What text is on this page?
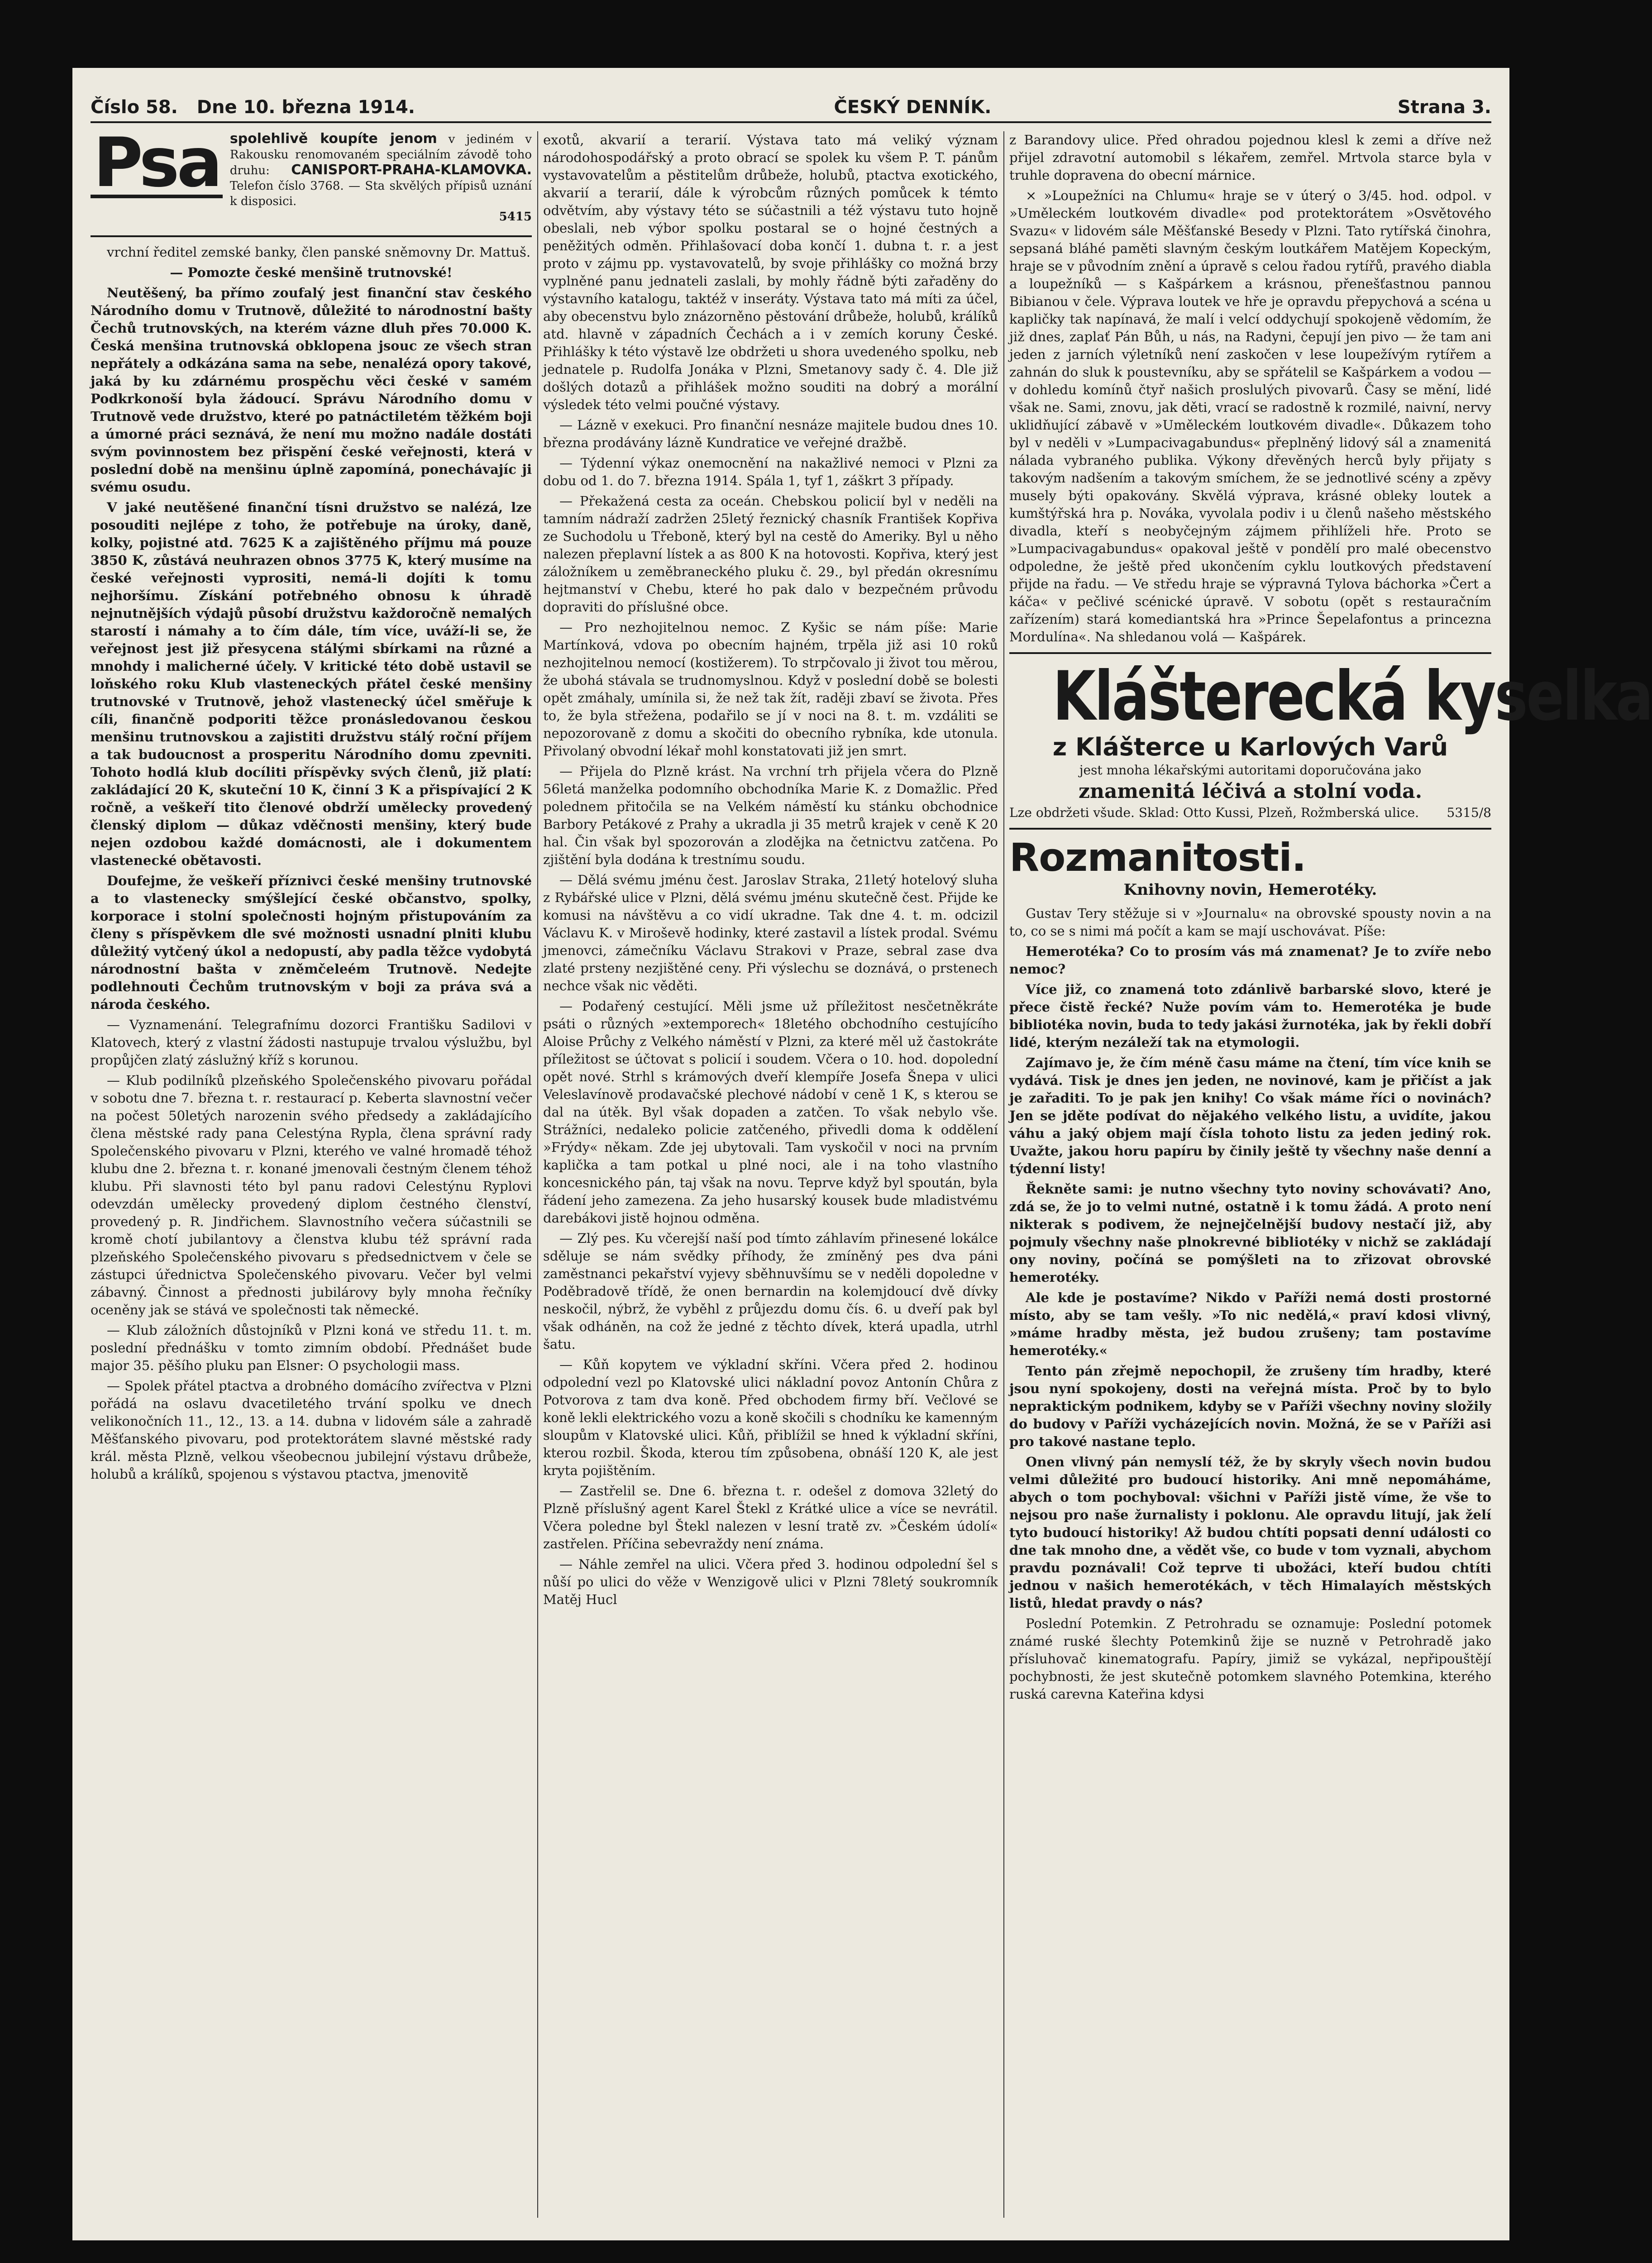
Číslo 58. Dne 10. března 1914.	ČESKÝ DENNÍK.	Strana 3.
Psa spolehlivě koupíte jenom v jediném v Rakousku renomovaném speciálním závodě toho druhu: CANISPORT-PRAHA-KLAMOVKA. Telefon číslo 3768. — Sta skvělých přípisů uznání k disposici.
5415

vrchní ředitel zemské banky, člen panské sněmovny Dr. Mattuš.

— Pomozte české menšině trutnovské!

Neutěšený, ba přímo zoufalý jest finanční stav českého Národního domu v Trutnově, důležité to národnostní bašty Čechů trutnovských, na kterém vázne dluh přes 70.000 K. Česká menšina trutnovská obklopena jsouc ze všech stran nepřátely a odkázána sama na sebe, nenalézá opory takové, jaká by ku zdárnému prospěchu věci české v samém Podkrkonoší byla žádoucí. Správu Národního domu v Trutnově vede družstvo, které po patnáctiletém těžkém boji a úmorné práci seznává, že není mu možno nadále dostáti svým povinnostem bez přispění české veřejnosti, která v poslední době na menšinu úplně zapomíná, ponechávajíc ji svému osudu.

V jaké neutěšené finanční tísni družstvo se nalézá, lze posouditi nejlépe z toho, že potřebuje na úroky, daně, kolky, pojistné atd. 7625 K a zajištěného příjmu má pouze 3850 K, zůstává neuhrazen obnos 3775 K, který musíme na české veřejnosti vyprositi, nemá-li dojíti k tomu nejhoršímu. Získání potřebného obnosu k úhradě nejnutnějších výdajů působí družstvu každoročně nemalých starostí i námahy a to čím dále, tím více, uváží-li se, že veřejnost jest již přesycena stálými sbírkami na různé a mnohdy i malicherné účely. V kritické této době ustavil se loňského roku Klub vlasteneckých přátel české menšiny trutnovské v Trutnově, jehož vlastenecký účel směřuje k cíli, finančně podporiti těžce pronásledovanou českou menšinu trutnovskou a zajistiti družstvu stálý roční příjem a tak budoucnost a prosperitu Národního domu zpevniti. Tohoto hodlá klub docíliti příspěvky svých členů, již platí: zakládající 20 K, skuteční 10 K, činní 3 K a přispívající 2 K ročně, a veškeří tito členové obdrží umělecky provedený členský diplom — důkaz vděčnosti menšiny, který bude nejen ozdobou každé domácnosti, ale i dokumentem vlastenecké obětavosti.

Doufejme, že veškeří příznivci české menšiny trutnovské a to vlastenecky smýšlející české občanstvo, spolky, korporace i stolní společnosti hojným přistupováním za členy s příspěvkem dle své možnosti usnadní plniti klubu důležitý vytčený úkol a nedopustí, aby padla těžce vydobytá národnostní bašta v zněmčeleém Trutnově. Nedejte podlehnouti Čechům trutnovským v boji za práva svá a národa českého.

— Vyznamenání. Telegrafnímu dozorci Františku Sadilovi v Klatovech, který z vlastní žádosti nastupuje trvalou výslužbu, byl propůjčen zlatý záslužný kříž s korunou.

— Klub podilníků plzeňského Společenského pivovaru pořádal v sobotu dne 7. března t. r. restaurací p. Keberta slavnostní večer na počest 50letých narozenin svého předsedy a zakládajícího člena městské rady pana Celestýna Rypla, člena správní rady Společenského pivovaru v Plzni, kterého ve valné hromadě téhož klubu dne 2. března t. r. konané jmenovali čestným členem téhož klubu. Při slavnosti této byl panu radovi Celestýnu Ryplovi odevzdán umělecky provedený diplom čestného členství, provedený p. R. Jindřichem. Slavnostního večera súčastnili se kromě chotí jubilantovy a členstva klubu též správní rada plzeňského Společenského pivovaru s předsednictvem v čele se zástupci úřednictva Společenského pivovaru. Večer byl velmi zábavný. Činnost a přednosti jubilárovy byly mnoha řečníky oceněny jak se stává ve společnosti tak německé.

— Klub záložních důstojníků v Plzni koná ve středu 11. t. m. poslední přednášku v tomto zimním období. Přednášet bude major 35. pěšího pluku pan Elsner: O psychologii mass.

— Spolek přátel ptactva a drobného domácího zvířectva v Plzni pořádá na oslavu dvacetiletého trvání spolku ve dnech velikonočních 11., 12., 13. a 14. dubna v lidovém sále a zahradě Měšťanského pivovaru, pod protektorátem slavné městské rady král. města Plzně, velkou všeobecnou jubilejní výstavu drůbeže, holubů a králíků, spojenou s výstavou ptactva, jmenovitě

exotů, akvarií a terarií. Výstava tato má veliký význam národohospodářský a proto obrací se spolek ku všem P. T. pánům vystavovatelům a pěstitelům drůbeže, holubů, ptactva exotického, akvarií a terarií, dále k výrobcům různých pomůcek k témto odvětvím, aby výstavy této se súčastnili a též výstavu tuto hojně obeslali, neb výbor spolku postaral se o hojné čestných a peněžitých odměn. Přihlašovací doba končí 1. dubna t. r. a jest proto v zájmu pp. vystavovatelů, by svoje přihlášky co možná brzy vyplněné panu jednateli zaslali, by mohly řádně býti zařaděny do výstavního katalogu, taktéž v inseráty. Výstava tato má míti za účel, aby obecenstvu bylo znázorněno pěstování drůbeže, holubů, králíků atd. hlavně v západních Čechách a i v zemích koruny České. Přihlášky k této výstavě lze obdržeti u shora uvedeného spolku, neb jednatele p. Rudolfa Jonáka v Plzni, Smetanovy sady č. 4. Dle již došlých dotazů a přihlášek možno souditi na dobrý a morální výsledek této velmi poučné výstavy.

— Lázně v exekuci. Pro finanční nesnáze majitele budou dnes 10. března prodávány lázně Kundratice ve veřejné dražbě.

— Týdenní výkaz onemocnění na nakažlivé nemoci v Plzni za dobu od 1. do 7. března 1914. Spála 1, tyf 1, záškrt 3 případy.

— Překažená cesta za oceán. Chebskou policií byl v neděli na tamním nádraží zadržen 25letý řeznický chasník František Kopřiva ze Suchodolu u Třeboně, který byl na cestě do Ameriky. Byl u něho nalezen přeplavní lístek a as 800 K na hotovosti. Kopřiva, který jest záložníkem u zeměbraneckého pluku č. 29., byl předán okresnímu hejtmanství v Chebu, které ho pak dalo v bezpečném průvodu dopraviti do příslušné obce.

— Pro nezhojitelnou nemoc. Z Kyšic se nám píše: Marie Martínková, vdova po obecním hajném, trpěla již asi 10 roků nezhojitelnou nemocí (kostižerem). To strpčovalo ji život tou měrou, že ubohá stávala se trudnomyslnou. Když v poslední době se bolesti opět zmáhaly, umínila si, že než tak žít, raději zbaví se života. Přes to, že byla střežena, podařilo se jí v noci na 8. t. m. vzdáliti se nepozorovaně z domu a skočiti do obecního rybníka, kde utonula. Přivolaný obvodní lékař mohl konstatovati již jen smrt.

— Přijela do Plzně krást. Na vrchní trh přijela včera do Plzně 56letá manželka podomního obchodníka Marie K. z Domažlic. Před polednem přitočila se na Velkém náměstí ku stánku obchodnice Barbory Petákové z Prahy a ukradla ji 35 metrů krajek v ceně K 20 hal. Čin však byl spozorován a zlodějka na četnictvu zatčena. Po zjištění byla dodána k trestnímu soudu.

— Dělá svému jménu čest. Jaroslav Straka, 21letý hotelový sluha z Rybářské ulice v Plzni, dělá svému jménu skutečně čest. Přijde ke komusi na návštěvu a co vidí ukradne. Tak dne 4. t. m. odcizil Václavu K. v Miroševě hodinky, které zastavil a lístek prodal. Svému jmenovci, zámečníku Václavu Strakovi v Praze, sebral zase dva zlaté prsteny nezjištěné ceny. Při výslechu se doznává, o prstenech nechce však nic věděti.

— Podařený cestující. Měli jsme už příležitost nesčetněkráte psáti o různých »extemporech« 18letého obchodního cestujícího Aloise Průchy z Velkého náměstí v Plzni, za které měl už častokráte příležitost se účtovat s policií i soudem. Včera o 10. hod. dopolední opět nové. Strhl s krámových dveří klempíře Josefa Šnepa v ulici Veleslavínově prodavačské plechové nádobí v ceně 1 K, s kterou se dal na útěk. Byl však dopaden a zatčen. To však nebylo vše. Strážníci, nedaleko policie zatčeného, přivedli doma k oddělení »Frýdy« někam. Zde jej ubytovali. Tam vyskočil v noci na prvním kaplička a tam potkal u plné noci, ale i na toho vlastního koncesnického pán, taj však na novu. Teprve když byl spoután, byla řádení jeho zamezena. Za jeho husarský kousek bude mladistvému darebákovi jistě hojnou odměna.

— Zlý pes. Ku včerejší naší pod tímto záhlavím přinesené lokálce sděluje se nám svědky příhody, že zmíněný pes dva páni zaměstnanci pekařství vyjevy sběhnuvšímu se v neděli dopoledne v Poděbradově třídě, že onen bernardin na kolemjdoucí dvě dívky neskočil, nýbrž, že vyběhl z průjezdu domu čís. 6. u dveří pak byl však odháněn, na což že jedné z těchto dívek, která upadla, utrhl šatu.

— Kůň kopytem ve výkladní skříni. Včera před 2. hodinou odpolední vezl po Klatovské ulici nákladní povoz Antonín Chůra z Potvorova z tam dva koně. Před obchodem firmy bří. Večlové se koně lekli elektrického vozu a koně skočili s chodníku ke kamenným sloupům v Klatovské ulici. Kůň, přiblížil se hned k výkladní skříni, kterou rozbil. Škoda, kterou tím způsobena, obnáší 120 K, ale jest kryta pojištěním.

— Zastřelil se. Dne 6. března t. r. odešel z domova 32letý do Plzně příslušný agent Karel Štekl z Krátké ulice a více se nevrátil. Včera poledne byl Štekl nalezen v lesní tratě zv. »Českém údolí« zastřelen. Příčina sebevraždy není známa.

— Náhle zemřel na ulici. Včera před 3. hodinou odpolední šel s nůší po ulici do věže v Wenzigově ulici v Plzni 78letý soukromník Matěj Hucl

z Barandovy ulice. Před ohradou pojednou klesl k zemi a dříve než přijel zdravotní automobil s lékařem, zemřel. Mrtvola starce byla v truhle dopravena do obecní márnice.

× »Loupežníci na Chlumu« hraje se v úterý o 3/45. hod. odpol. v »Uměleckém loutkovém divadle« pod protektorátem »Osvětového Svazu« v lidovém sále Měšťanské Besedy v Plzni. Tato rytířská činohra, sepsaná bláhé paměti slavným českým loutkářem Matějem Kopeckým, hraje se v původním znění a úpravě s celou řadou rytířů, pravého diabla a loupežníků — s Kašpárkem a krásnou, přenešťastnou pannou Bibianou v čele. Výprava loutek ve hře je opravdu přepychová a scéna u kapličky tak napínavá, že malí i velcí oddychují spokojeně vědomím, že již dnes, zaplať Pán Bůh, u nás, na Radyni, čepují jen pivo — že tam ani jeden z jarních výletníků není zaskočen v lese loupežívým rytířem a zahnán do sluk k poustevníku, aby se spřátelil se Kašpárkem a vodou — v dohledu komínů čtyř našich proslulých pivovarů. Časy se mění, lidé však ne. Sami, znovu, jak děti, vrací se radostně k rozmilé, naivní, nervy uklidňující zábavě v »Uměleckém loutkovém divadle«. Důkazem toho byl v neděli v »Lumpacivagabundus« přeplněný lidový sál a znamenitá nálada vybraného publika. Výkony dřevěných herců byly přijaty s takovým nadšením a takovým smíchem, že se jednotlivé scény a zpěvy musely býti opakovány. Skvělá výprava, krásné oblekу loutek a kumštýřská hra p. Nováka, vyvolala podiv i u členů našeho městského divadla, kteří s neobyčejným zájmem přihlíželi hře. Proto se »Lumpacivagabundus« opakoval ještě v pondělí pro malé obecenstvo odpoledne, že ještě před ukončením cyklu loutkových představení přijde na řadu. — Ve středu hraje se výpravná Tylova báchorka »Čert a káča« v pečlivé scénické úpravě. V sobotu (opět s restauračním zařízením) stará komediantská hra »Prince Šepelafontus a princezna Mordulína«. Na shledanou volá — Kašpárek.

Klášterecká kyselka
z Klášterce u Karlových Varů
jest mnoha lékařskými autoritami doporučována jako
znamenitá léčivá a stolní voda.
Lze obdržeti všude. Sklad: Otto Kussi, Plzeň, Rožmberská ulice. 5315/8
Rozmanitosti.
Knihovny novin, Hemerotéky.

Gustav Tery stěžuje si v »Journalu« na obrovské spousty novin a na to, co se s nimi má počít a kam se mají uschovávat. Píše:

Hemerotéka? Co to prosím vás má znamenat? Je to zvíře nebo nemoc?

Více již, co znamená toto zdánlivě barbarské slovo, které je přece čistě řecké? Nuže povím vám to. Hemerotéka je bude bibliotéka novin, buda to tedy jakási žurnotéka, jak by řekli dobří lidé, kterým nezáleží tak na etymologii.

Zajímavo je, že čím méně času máme na čtení, tím více knih se vydává. Tisk je dnes jen jeden, ne novinové, kam je přičíst a jak je zařaditi. To je pak jen knihy! Co však máme říci o novinách? Jen se jděte podívat do nějakého velkého listu, a uvidíte, jakou váhu a jaký objem mají čísla tohoto listu za jeden jediný rok. Uvažte, jakou horu papíru by činily ještě ty všechny naše denní a týdenní listy!

Řekněte sami: je nutno všechny tyto noviny schovávati? Ano, zdá se, že jo to velmi nutné, ostatně i k tomu žádá. A proto není nikterak s podivem, že nejnejčelnější budovy nestačí již, aby pojmuly všechny naše plnokrevné bibliotéky v nichž se zakládají ony noviny, počíná se pomýšleti na to zřizovat obrovské hemerotéky.

Ale kde je postavíme? Nikdo v Paříži nemá dosti prostorné místo, aby se tam vešly. »To nic nedělá,« praví kdosi vlivný, »máme hradby města, jež budou zrušeny; tam postavíme hemerotéky.«

Tento pán zřejmě nepochopil, že zrušeny tím hradby, které jsou nyní spokojeny, dosti na veřejná místa. Proč by to bylo nepraktickým podnikem, kdyby se v Paříži všechny noviny složily do budovy v Paříži vycházejících novin. Možná, že se v Paříži asi pro takové nastane teplo.

Onen vlivný pán nemyslí též, že by skryly všech novin budou velmi důležité pro budoucí historiky. Ani mně nepomáháme, abych o tom pochyboval: všichni v Paříži jistě víme, že vše to nejsou pro naše žurnalisty i poklonu. Ale opravdu litují, jak želí tyto budoucí historiky! Až budou chtíti popsati denní události co dne tak mnoho dne, a vědět vše, co bude v tom vyznali, abychom pravdu poznávali! Což teprve ti ubožáci, kteří budou chtíti jednou v našich hemerotékách, v těch Himalayích městských listů, hledat pravdy o nás?

Poslední Potemkin. Z Petrohradu se oznamuje: Poslední potomek známé ruské šlechty Potemkinů žije se nuzně v Petrohradě jako přísluhovač kinematografu. Papíry, jimiž se vykázal, nepřipouštějí pochybnosti, že jest skutečně potomkem slavného Potemkina, kterého ruská carevna Kateřina kdysi
